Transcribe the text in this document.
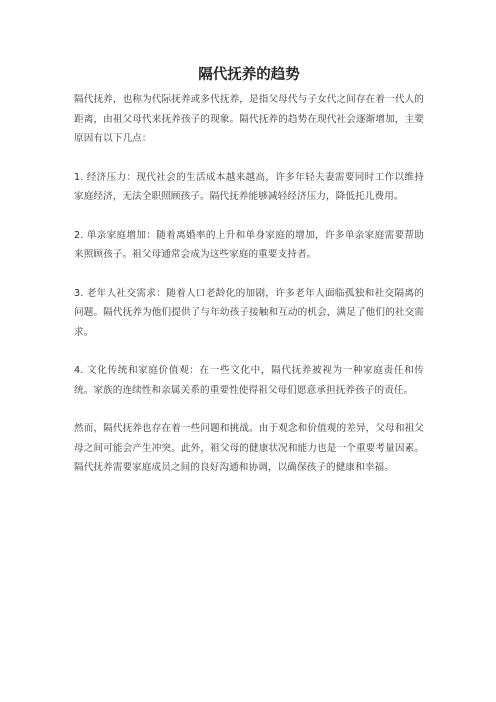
隔代抚养的趋势

隔代抚养，也称为代际抚养或多代抚养，是指父母代与子女代之间存在着一代人的距离，由祖父母代来抚养孩子的现象。隔代抚养的趋势在现代社会逐渐增加，主要原因有以下几点：

1. 经济压力：现代社会的生活成本越来越高，许多年轻夫妻需要同时工作以维持家庭经济，无法全职照顾孩子。隔代抚养能够减轻经济压力，降低托儿费用。

2. 单亲家庭增加：随着离婚率的上升和单身家庭的增加，许多单亲家庭需要帮助来照顾孩子。祖父母通常会成为这些家庭的重要支持者。

3. 老年人社交需求：随着人口老龄化的加剧，许多老年人面临孤独和社交隔离的问题。隔代抚养为他们提供了与年幼孩子接触和互动的机会，满足了他们的社交需求。

4. 文化传统和家庭价值观：在一些文化中，隔代抚养被视为一种家庭责任和传统。家族的连续性和亲属关系的重要性使得祖父母们愿意承担抚养孩子的责任。

然而，隔代抚养也存在着一些问题和挑战。由于观念和价值观的差异，父母和祖父母之间可能会产生冲突。此外，祖父母的健康状况和能力也是一个重要考量因素。隔代抚养需要家庭成员之间的良好沟通和协调，以确保孩子的健康和幸福。
